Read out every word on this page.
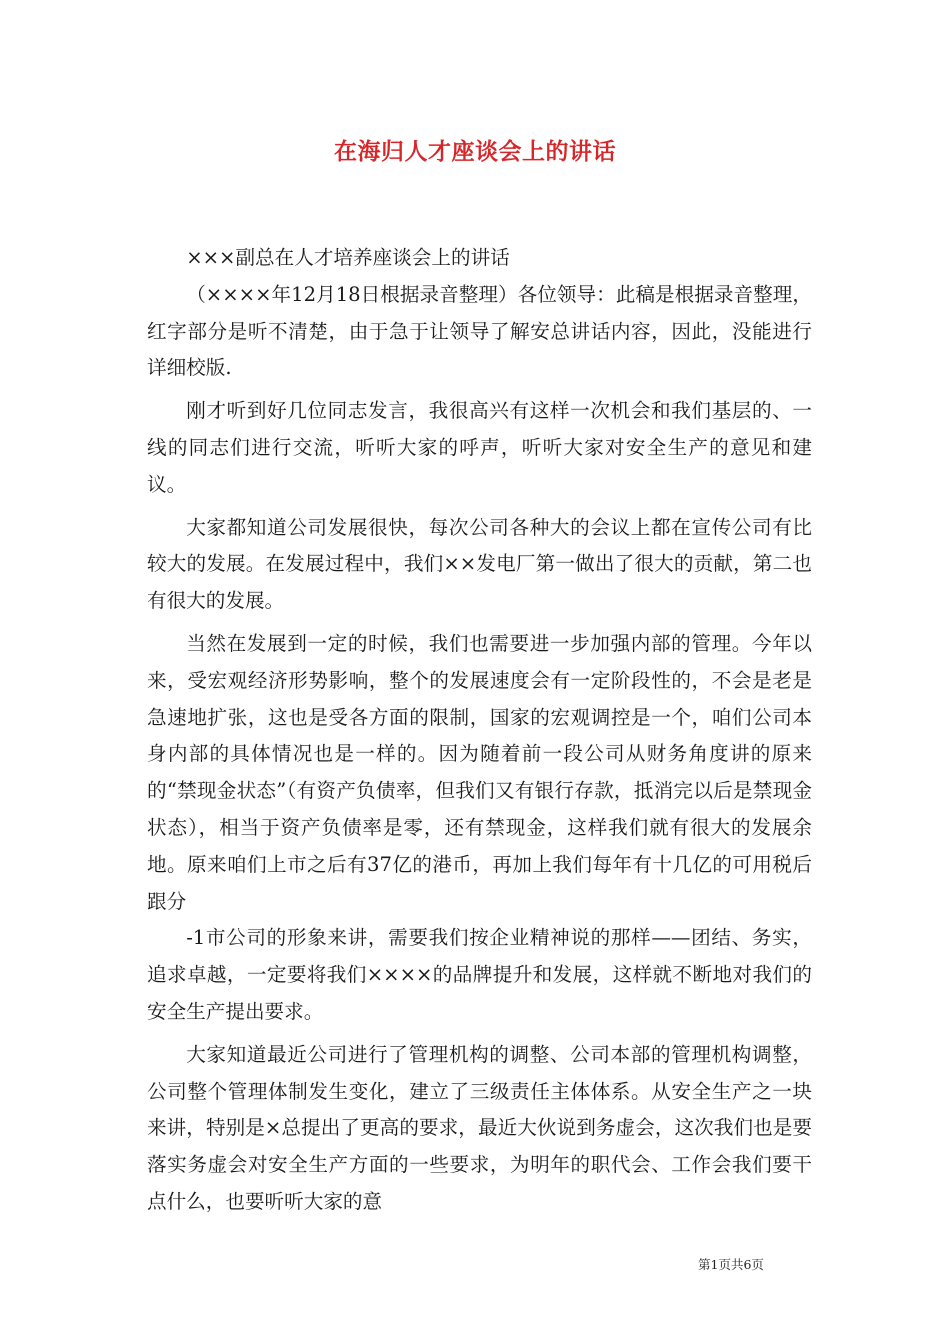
在海归人才座谈会上的讲话

×××副总在人才培养座谈会上的讲话

（××××年12月18日根据录音整理）各位领导：此稿是根据录音整理，红字部分是听不清楚，由于急于让领导了解安总讲话内容，因此，没能进行详细校版.

刚才听到好几位同志发言，我很高兴有这样一次机会和我们基层的、一线的同志们进行交流，听听大家的呼声，听听大家对安全生产的意见和建议。

大家都知道公司发展很快，每次公司各种大的会议上都在宣传公司有比较大的发展。在发展过程中，我们××发电厂第一做出了很大的贡献，第二也有很大的发展。

当然在发展到一定的时候，我们也需要进一步加强内部的管理。今年以来，受宏观经济形势影响，整个的发展速度会有一定阶段性的，不会是老是急速地扩张，这也是受各方面的限制，国家的宏观调控是一个，咱们公司本身内部的具体情况也是一样的。因为随着前一段公司从财务角度讲的原来的“禁现金状态”（有资产负债率，但我们又有银行存款，抵消完以后是禁现金状态），相当于资产负债率是零，还有禁现金，这样我们就有很大的发展余地。原来咱们上市之后有37亿的港币，再加上我们每年有十几亿的可用税后跟分

-1市公司的形象来讲，需要我们按企业精神说的那样——团结、务实，追求卓越，一定要将我们××××的品牌提升和发展，这样就不断地对我们的安全生产提出要求。

大家知道最近公司进行了管理机构的调整、公司本部的管理机构调整，公司整个管理体制发生变化，建立了三级责任主体体系。从安全生产之一块来讲，特别是×总提出了更高的要求，最近大伙说到务虚会，这次我们也是要落实务虚会对安全生产方面的一些要求，为明年的职代会、工作会我们要干点什么，也要听听大家的意

第1页共6页
